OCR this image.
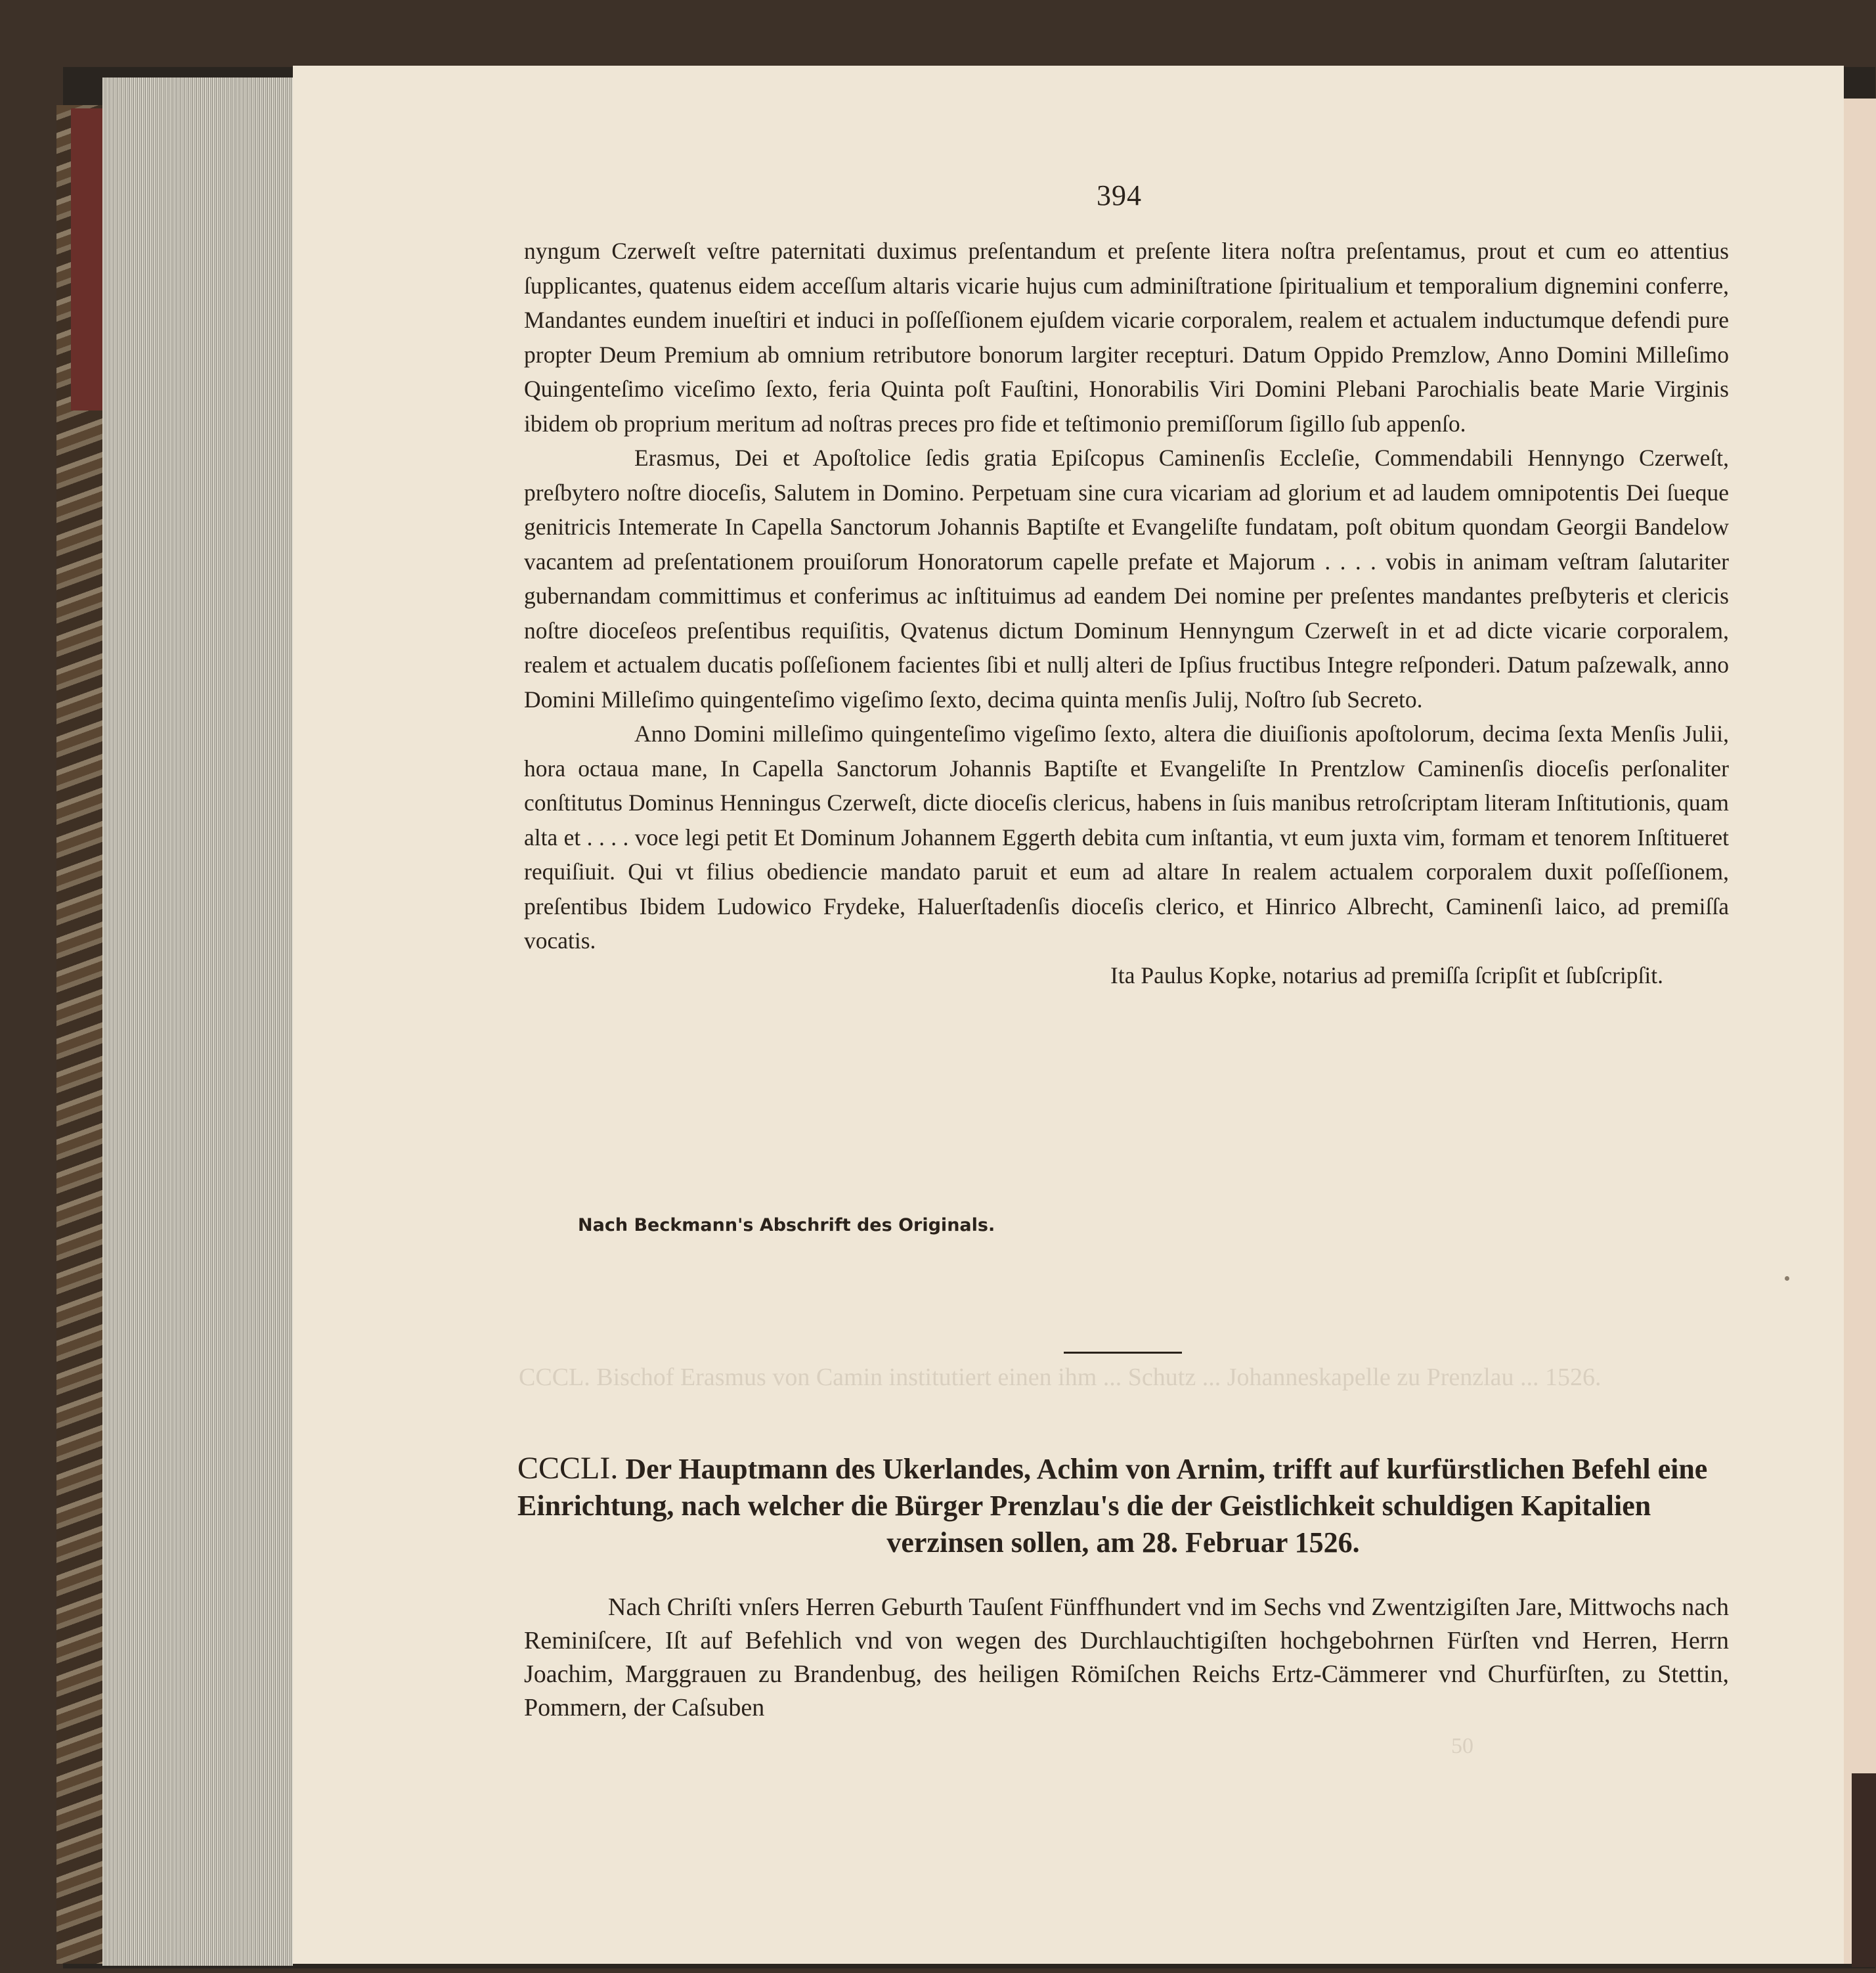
CCCL. Bischof Erasmus von Camin institutiert einen ihm ... Schutz ... Johanneskapelle zu Prenzlau ... 1526.
50
394

nyngum Czerweſt veſtre paternitati duximus preſentandum et preſente litera noſtra preſentamus, prout et cum eo attentius ſupplicantes, quatenus eidem acceſſum altaris vicarie hujus cum adminiſtratione ſpiritualium et temporalium dignemini conferre, Mandantes eundem inueſtiri et induci in poſſeſſionem ejuſdem vicarie corporalem, realem et actualem inductumque defendi pure propter Deum Premium ab omnium retributore bonorum largiter recepturi. Datum Oppido Premzlow, Anno Domini Milleſimo Quingenteſimo viceſimo ſexto, feria Quinta poſt Fauſtini, Honorabilis Viri Domini Plebani Parochialis beate Marie Virginis ibidem ob proprium meritum ad noſtras preces pro fide et teſtimonio premiſſorum ſigillo ſub appenſo.

Erasmus, Dei et Apoſtolice ſedis gratia Epiſcopus Caminenſis Eccleſie, Commendabili Hennyngo Czerweſt, preſbytero noſtre dioceſis, Salutem in Domino. Perpetuam sine cura vicariam ad glorium et ad laudem omnipotentis Dei ſueque genitricis Intemerate In Capella Sanctorum Johannis Baptiſte et Evangeliſte fundatam, poſt obitum quondam Georgii Bandelow vacantem ad preſentationem prouiſorum Honoratorum capelle prefate et Majorum . . . . vobis in animam veſtram ſalutariter gubernandam committimus et conferimus ac inſtituimus ad eandem Dei nomine per preſentes mandantes preſbyteris et clericis noſtre dioceſeos preſentibus requiſitis, Qvatenus dictum Dominum Hennyngum Czerweſt in et ad dicte vicarie corporalem, realem et actualem ducatis poſſeſionem facientes ſibi et nullj alteri de Ipſius fructibus Integre reſponderi. Datum paſzewalk, anno Domini Milleſimo quingenteſimo vigeſimo ſexto, decima quinta menſis Julij, Noſtro ſub Secreto.

Anno Domini milleſimo quingenteſimo vigeſimo ſexto, altera die diuiſionis apoſtolorum, decima ſexta Menſis Julii, hora octaua mane, In Capella Sanctorum Johannis Baptiſte et Evangeliſte In Prentzlow Caminenſis dioceſis perſonaliter conſtitutus Dominus Henningus Czerweſt, dicte dioceſis clericus, habens in ſuis manibus retroſcriptam literam Inſtitutionis, quam alta et . . . . voce legi petit Et Dominum Johannem Eggerth debita cum inſtantia, vt eum juxta vim, formam et tenorem Inſtitueret requiſiuit. Qui vt filius obediencie mandato paruit et eum ad altare In realem actualem corporalem duxit poſſeſſionem, preſentibus Ibidem Ludowico Frydeke, Haluerſtadenſis dioceſis clerico, et Hinrico Albrecht, Caminenſi laico, ad premiſſa vocatis.

Ita Paulus Kopke, notarius ad premiſſa ſcripſit et ſubſcripſit.

Nach Beckmann's Abschrift des Originals.
CCCLI. Der Hauptmann des Ukerlandes, Achim von Arnim, trifft auf kurfürstlichen Befehl eine Einrichtung, nach welcher die Bürger Prenzlau's die der Geistlichkeit schuldigen Kapitalien
verzinsen sollen, am 28. Februar 1526.

Nach Chriſti vnſers Herren Geburth Tauſent Fünffhundert vnd im Sechs vnd Zwentzigiſten Jare, Mittwochs nach Reminiſcere, Iſt auf Befehlich vnd von wegen des Durchlauchtigiſten hochgebohrnen Fürſten vnd Herren, Herrn Joachim, Marggrauen zu Brandenbug, des heiligen Römiſchen Reichs Ertz-Cämmerer vnd Churfürſten, zu Stettin, Pommern, der Caſsuben
